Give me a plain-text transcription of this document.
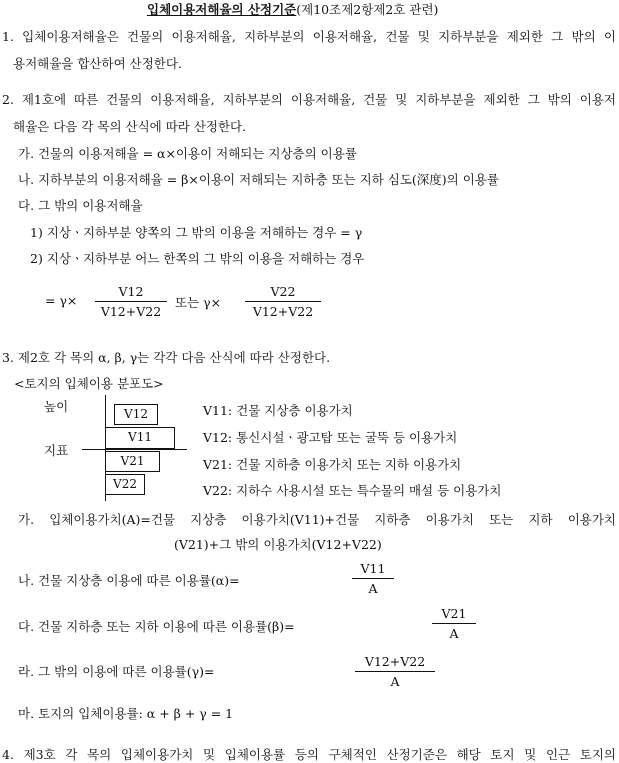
입체이용저해율의 산정기준(제10조제2항제2호 관련)
1. 입체이용저해율은 건물의 이용저해율, 지하부분의 이용저해율, 건물 및 지하부분을 제외한 그 밖의 이
용저해율을 합산하여 산정한다.
2. 제1호에 따른 건물의 이용저해율, 지하부분의 이용저해율, 건물 및 지하부분을 제외한 그 밖의 이용저
해율은 다음 각 목의 산식에 따라 산정한다.
가. 건물의 이용저해율 = α×이용이 저해되는 지상층의 이용률
나. 지하부분의 이용저해율 = β×이용이 저해되는 지하층 또는 지하 심도(深度)의 이용률
다. 그 밖의 이용저해율
1) 지상ㆍ지하부분 양쪽의 그 밖의 이용을 저해하는 경우 = γ
2) 지상ㆍ지하부분 어느 한쪽의 그 밖의 이용을 저해하는 경우
= γ×
V12
V12+V22
또는 γ×
V22
V12+V22
3. 제2호 각 목의 α, β, γ는 각각 다음 산식에 따라 산정한다.
<토지의 입체이용 분포도>
높이
지표
V12
V11
V21
V22
V11: 건물 지상층 이용가치
V12: 통신시설ㆍ광고탑 또는 굴뚝 등 이용가치
V21: 건물 지하층 이용가치 또는 지하 이용가치
V22: 지하수 사용시설 또는 특수물의 매설 등 이용가치
가. 입체이용가치(A)=건물 지상층 이용가치(V11)+건물 지하층 이용가치 또는 지하 이용가치
(V21)+그 밖의 이용가치(V12+V22)
나. 건물 지상층 이용에 따른 이용률(α)=
V11
A
다. 건물 지하층 또는 지하 이용에 따른 이용률(β)=
V21
A
라. 그 밖의 이용에 따른 이용률(γ)=
V12+V22
A
마. 토지의 입체이용률: α + β + γ = 1
4. 제3호 각 목의 입체이용가치 및 입체이용률 등의 구체적인 산정기준은 해당 토지 및 인근 토지의
